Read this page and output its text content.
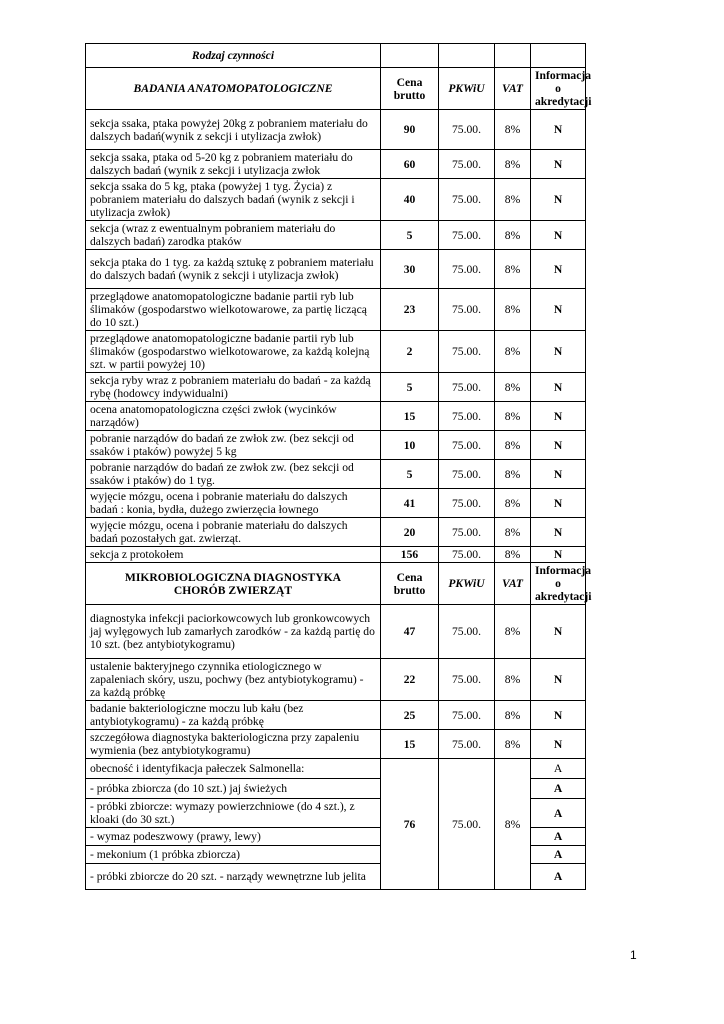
Rodzaj czynności				
BADANIA ANATOMOPATOLOGICZNE	Cena brutto	PKWiU	VAT	Informacja o akredytacji
sekcja ssaka, ptaka powyżej 20kg z pobraniem materiału do dalszych badań(wynik z sekcji i utylizacja zwłok)	90	75.00.	8%	N
sekcja ssaka, ptaka od 5-20 kg z pobraniem materiału do dalszych badań (wynik z sekcji i utylizacja zwłok	60	75.00.	8%	N
sekcja ssaka do 5 kg, ptaka (powyżej 1 tyg. Życia) z pobraniem materiału do dalszych badań (wynik z sekcji i utylizacja zwłok)	40	75.00.	8%	N
sekcja (wraz z ewentualnym pobraniem materiału do dalszych badań) zarodka ptaków	5	75.00.	8%	N
sekcja ptaka do 1 tyg. za każdą sztukę z pobraniem materiału do dalszych badań (wynik z sekcji i utylizacja zwłok)	30	75.00.	8%	N
przeglądowe anatomopatologiczne badanie partii ryb lub ślimaków (gospodarstwo wielkotowarowe, za partię liczącą do 10 szt.)	23	75.00.	8%	N
przeglądowe anatomopatologiczne badanie partii ryb lub ślimaków (gospodarstwo wielkotowarowe, za każdą kolejną szt. w partii powyżej 10)	2	75.00.	8%	N
sekcja ryby wraz z pobraniem materiału do badań - za każdą rybę (hodowcy indywidualni)	5	75.00.	8%	N
ocena anatomopatologiczna części zwłok (wycinków narządów)	15	75.00.	8%	N
pobranie narządów do badań ze zwłok zw. (bez sekcji od ssaków i ptaków) powyżej 5 kg	10	75.00.	8%	N
pobranie narządów do badań ze zwłok zw. (bez sekcji od ssaków i ptaków) do 1 tyg.	5	75.00.	8%	N
wyjęcie mózgu, ocena i pobranie materiału do dalszych badań : konia, bydła, dużego zwierzęcia łownego	41	75.00.	8%	N
wyjęcie mózgu, ocena i pobranie materiału do dalszych badań pozostałych gat. zwierząt.	20	75.00.	8%	N
sekcja z protokołem	156	75.00.	8%	N

MIKROBIOLOGICZNA DIAGNOSTYKA
CHORÓB ZWIERZĄT	Cena brutto	PKWiU	VAT	Informacja o akredytacji
diagnostyka infekcji paciorkowcowych lub gronkowcowych jaj wylęgowych lub zamarłych zarodków - za każdą partię do 10 szt. (bez antybiotykogramu)	47	75.00.	8%	N
ustalenie bakteryjnego czynnika etiologicznego w zapaleniach skóry, uszu, pochwy (bez antybiotykogramu) - za każdą próbkę	22	75.00.	8%	N
badanie bakteriologiczne moczu lub kału (bez antybiotykogramu) - za każdą próbkę	25	75.00.	8%	N
szczegółowa diagnostyka bakteriologiczna przy zapaleniu wymienia (bez antybiotykogramu)	15	75.00.	8%	N
obecność i identyfikacja pałeczek Salmonella:	76	75.00.	8%	A
- próbka zbiorcza (do 10 szt.) jaj świeżych				A
- próbki zbiorcze: wymazy powierzchniowe (do 4 szt.), z kloaki (do 30 szt.)				A
- wymaz podeszwowy (prawy, lewy)				A
- mekonium (1 próbka zbiorcza)				A
- próbki zbiorcze do 20 szt. - narządy wewnętrzne lub jelita				A
1
